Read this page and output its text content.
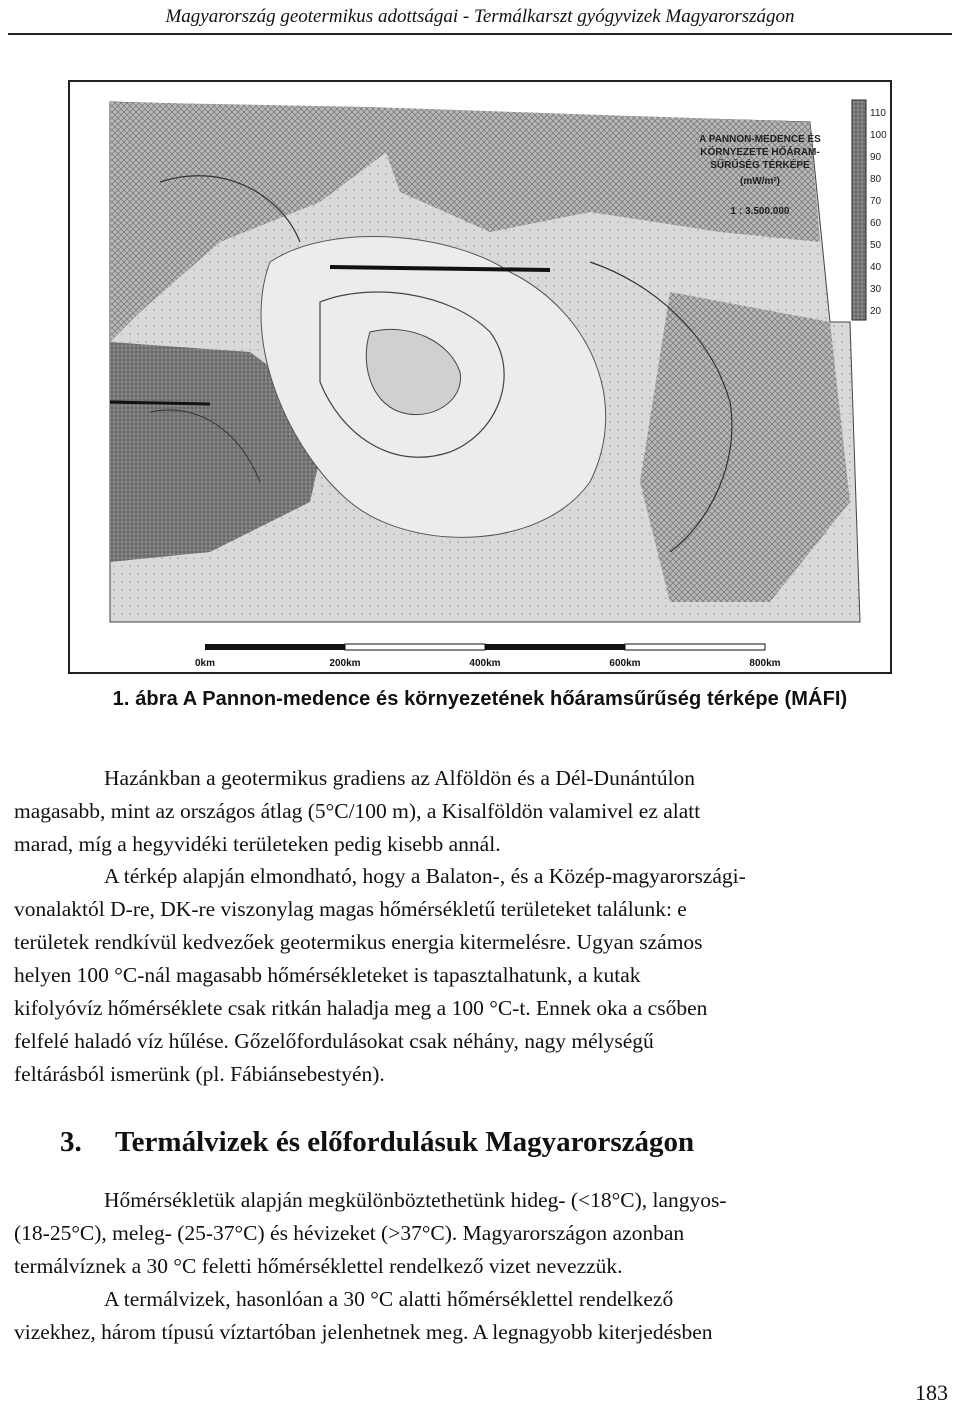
Magyarország geotermikus adottságai - Termálkarszt gyógyvizek Magyarországon
A PANNON-MEDENCE ÉS
KÖRNYEZETE HŐÁRAM-
SŰRŰSÉG TÉRKÉPE
(mW/m²)
1 : 3.500.000
110
100
90
80
70
60
50
40
30
20
0km	200km	400km	600km	800km
1. ábra A Pannon-medence és környezetének hőáramsűrűség térképe (MÁFI)
Hazánkban a geotermikus gradiens az Alföldön és a Dél-Dunántúlon
magasabb, mint az országos átlag (5°C/100 m), a Kisalföldön valamivel ez alatt
marad, míg a hegyvidéki területeken pedig kisebb annál.
A térkép alapján elmondható, hogy a Balaton-, és a Közép-magyarországi-
vonalaktól D-re, DK-re viszonylag magas hőmérsékletű területeket találunk: e
területek rendkívül kedvezőek geotermikus energia kitermelésre. Ugyan számos
helyen 100 °C-nál magasabb hőmérsékleteket is tapasztalhatunk, a kutak
kifolyóvíz hőmérséklete csak ritkán haladja meg a 100 °C-t. Ennek oka a csőben
felfelé haladó víz hűlése. Gőzelőfordulásokat csak néhány, nagy mélységű
feltárásból ismerünk (pl. Fábiánsebestyén).
3. Termálvizek és előfordulásuk Magyarországon
Hőmérsékletük alapján megkülönböztethetünk hideg- (<18°C), langyos-
(18-25°C), meleg- (25-37°C) és hévizeket (>37°C). Magyarországon azonban
termálvíznek a 30 °C feletti hőmérséklettel rendelkező vizet nevezzük.
A termálvizek, hasonlóan a 30 °C alatti hőmérséklettel rendelkező
vizekhez, három típusú víztartóban jelenhetnek meg. A legnagyobb kiterjedésben
183
